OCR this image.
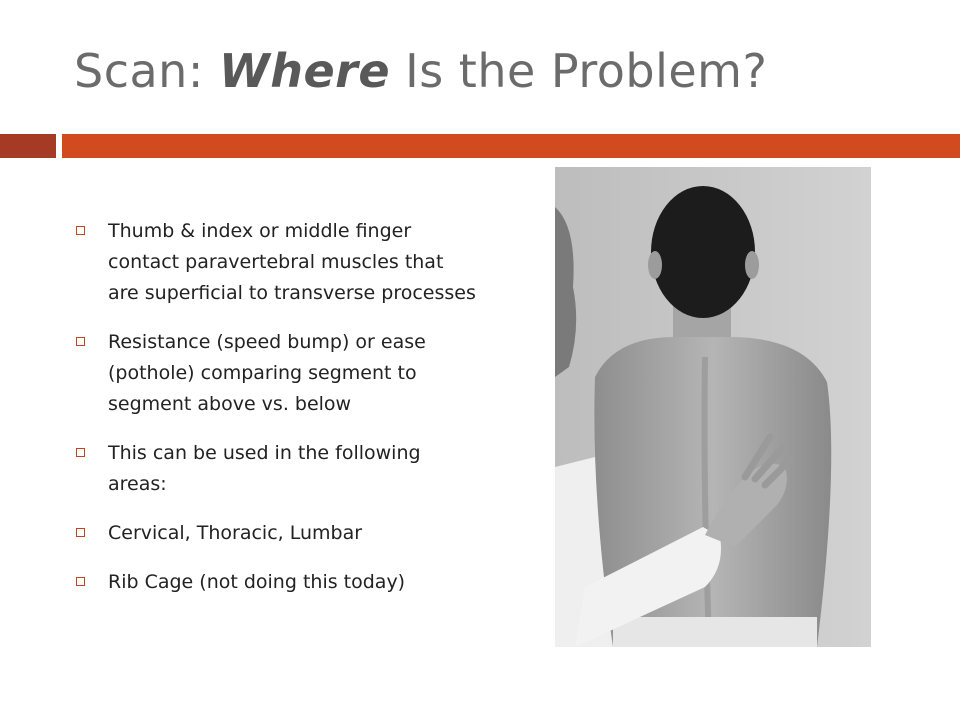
Scan: Where Is the Problem?
Thumb & index or middle finger contact paravertebral muscles that are superficial to transverse processes
Resistance (speed bump) or ease (pothole) comparing segment to segment above vs. below
This can be used in the following areas:
Cervical, Thoracic, Lumbar
Rib Cage (not doing this today)
